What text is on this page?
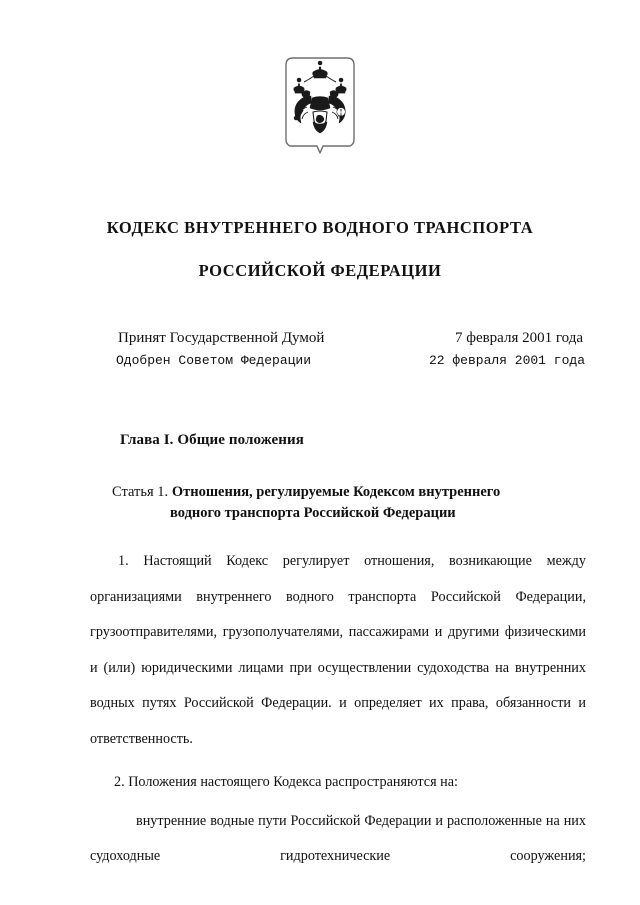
КОДЕКС ВНУТРЕННЕГО ВОДНОГО ТРАНСПОРТА
РОССИЙСКОЙ ФЕДЕРАЦИИ
Принят Государственной Думой	7 февраля 2001 года
Одобрен Советом Федерации	22 февраля 2001 года
Глава I. Общие положения
Статья 1. Отношения, регулируемые Кодексом внутреннего
водного транспорта Российской Федерации

1. Настоящий Кодекс регулирует отношения, возникающие между организациями внутреннего водного транспорта Российской Федерации, грузоотправителями, грузополучателями, пассажирами и другими физическими и (или) юридическими лицами при осуществлении судоходства на внутренних водных путях Российской Федерации. и определяет их права, обязанности и ответственность.

2. Положения настоящего Кодекса распространяются на:

внутренние водные пути Российской Федерации и расположенные на них судоходные гидротехнические сооружения;
